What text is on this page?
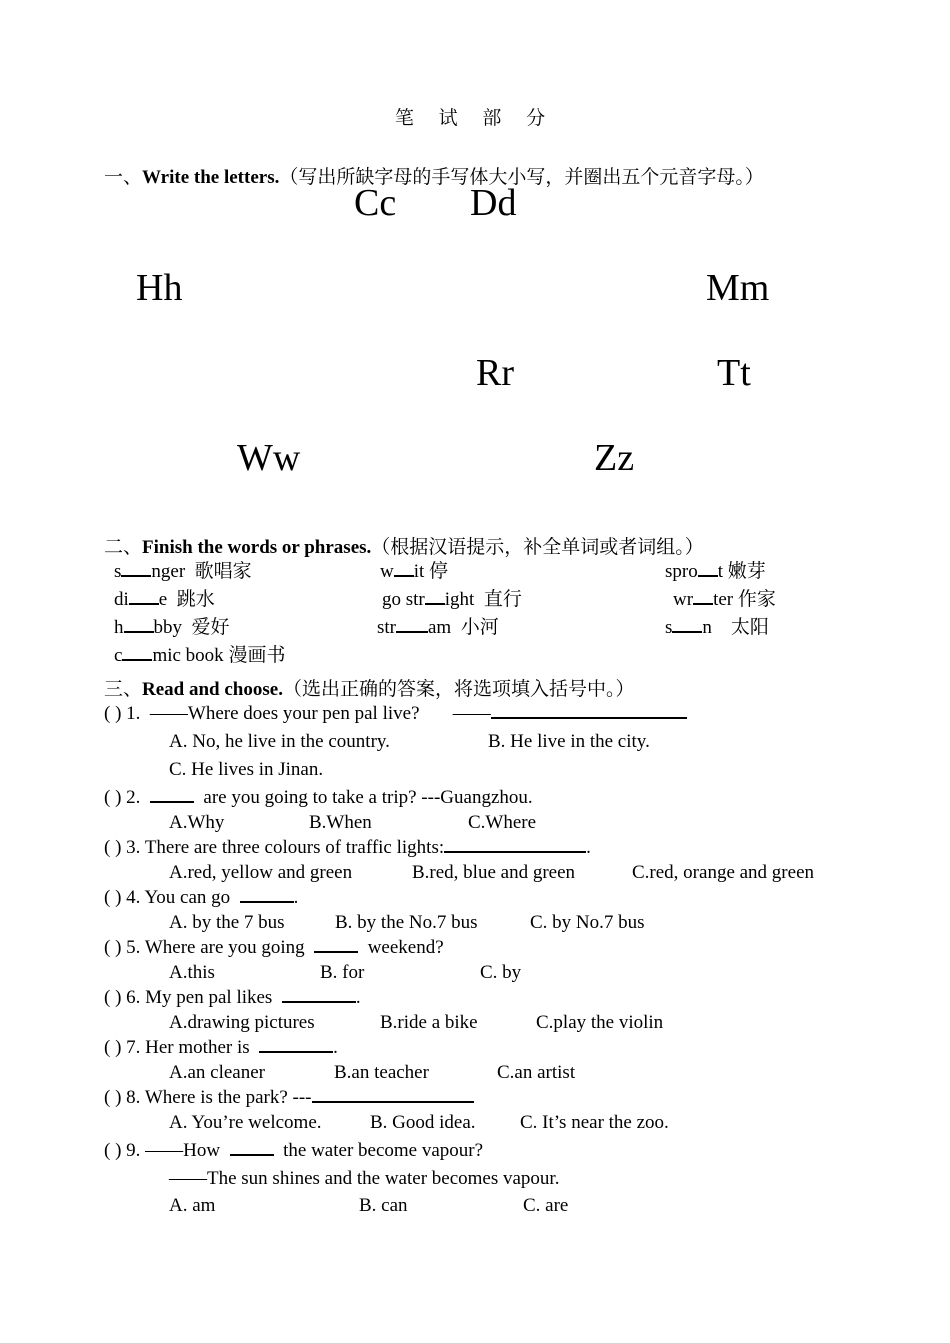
笔 试 部 分
一、Write the letters.（写出所缺字母的手写体大小写，并圈出五个元音字母。）
Cc Dd
Hh	Mm
Rr	Tt
Ww	Zz
二、Finish the words or phrases.（根据汉语提示，补全单词或者词组。）
s nger 歌唱家	w it 停	spro t 嫩芽
di e 跳水	go str ight 直行	wr ter 作家
h bby 爱好	str am 小河	s n 太阳
c mic book 漫画书
三、Read and choose.（选出正确的答案，将选项填入括号中。）
( ) 1. ——Where does your pen pal live? ——
A. No, he live in the country.	B. He live in the city.
C. He lives in Jinan.
( ) 2.	are you going to take a trip? ---Guangzhou.
A.Why	B.When	C.Where
( ) 3. There are three colours of traffic lights:	.
A.red, yellow and green	B.red, blue and green	C.red, orange and green
( ) 4. You can go	.
A. by the 7 bus	B. by the No.7 bus	C. by No.7 bus
( ) 5. Where are you going	weekend?
A.this	B. for	C. by
( ) 6. My pen pal likes	.
A.drawing pictures	B.ride a bike	C.play the violin
( ) 7. Her mother is	.
A.an cleaner	B.an teacher	C.an artist
( ) 8. Where is the park? ---
A. You’re welcome.	B. Good idea. C. It’s near the zoo.
( ) 9. ——How	the water become vapour?
——The sun shines and the water becomes vapour.
A. am	B. can	C. are
